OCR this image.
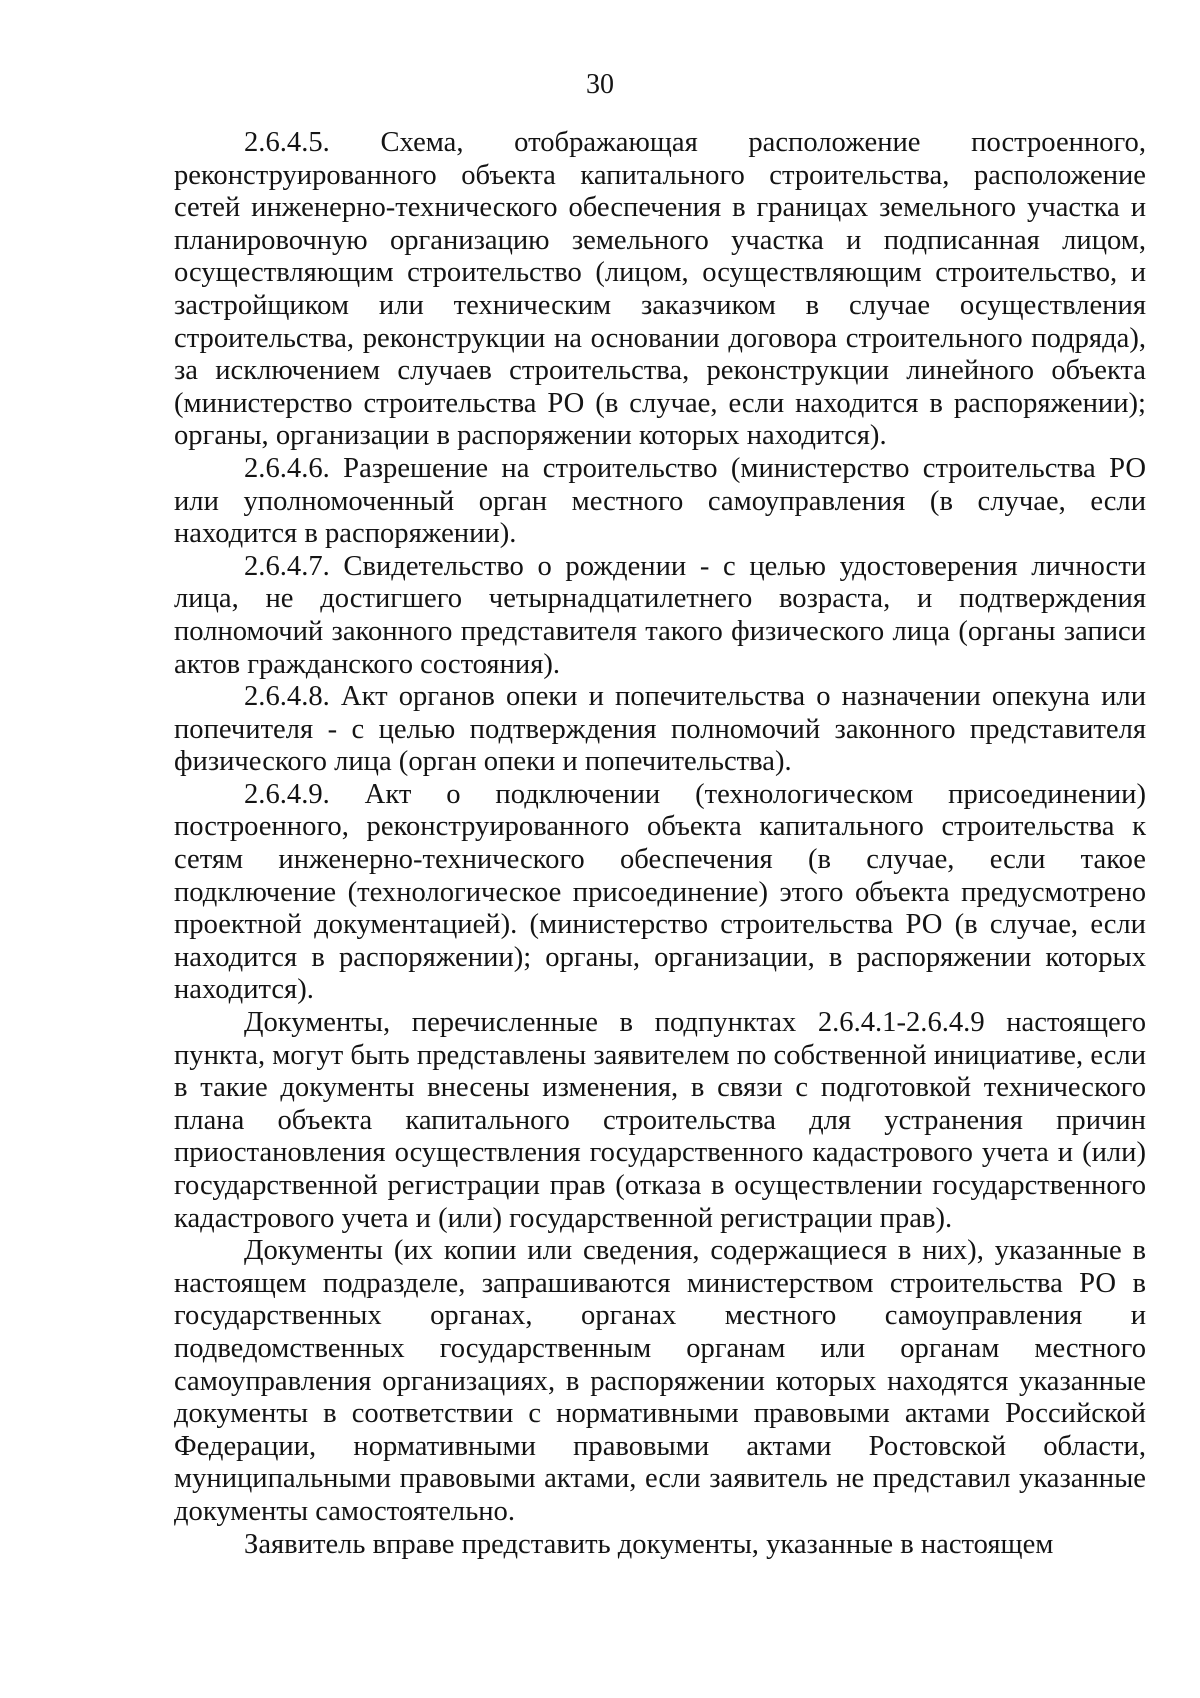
30

2.6.4.5. Схема, отображающая расположение построенного, реконструированного объекта капитального строительства, расположение сетей инженерно-технического обеспечения в границах земельного участка и планировочную организацию земельного участка и подписанная лицом, осуществляющим строительство (лицом, осуществляющим строительство, и застройщиком или техническим заказчиком в случае осуществления строительства, реконструкции на основании договора строительного подряда), за исключением случаев строительства, реконструкции линейного объекта (министерство строительства РО (в случае, если находится в распоряжении); органы, организации в распоряжении которых находится).

2.6.4.6. Разрешение на строительство (министерство строительства РО или уполномоченный орган местного самоуправления (в случае, если находится в распоряжении).

2.6.4.7. Свидетельство о рождении - с целью удостоверения личности лица, не достигшего четырнадцатилетнего возраста, и подтверждения полномочий законного представителя такого физического лица (органы записи актов гражданского состояния).

2.6.4.8. Акт органов опеки и попечительства о назначении опекуна или попечителя - с целью подтверждения полномочий законного представителя физического лица (орган опеки и попечительства).

2.6.4.9. Акт о подключении (технологическом присоединении) построенного, реконструированного объекта капитального строительства к сетям инженерно-технического обеспечения (в случае, если такое подключение (технологическое присоединение) этого объекта предусмотрено проектной документацией). (министерство строительства РО (в случае, если находится в распоряжении); органы, организации, в распоряжении которых находится).

Документы, перечисленные в подпунктах 2.6.4.1-2.6.4.9 настоящего пункта, могут быть представлены заявителем по собственной инициативе, если в такие документы внесены изменения, в связи с подготовкой технического плана объекта капитального строительства для устранения причин приостановления осуществления государственного кадастрового учета и (или) государственной регистрации прав (отказа в осуществлении государственного кадастрового учета и (или) государственной регистрации прав).

Документы (их копии или сведения, содержащиеся в них), указанные в настоящем подразделе, запрашиваются министерством строительства РО в государственных органах, органах местного самоуправления и подведомственных государственным органам или органам местного самоуправления организациях, в распоряжении которых находятся указанные документы в соответствии с нормативными правовыми актами Российской Федерации, нормативными правовыми актами Ростовской области, муниципальными правовыми актами, если заявитель не представил указанные документы самостоятельно.

Заявитель вправе представить документы, указанные в настоящем
